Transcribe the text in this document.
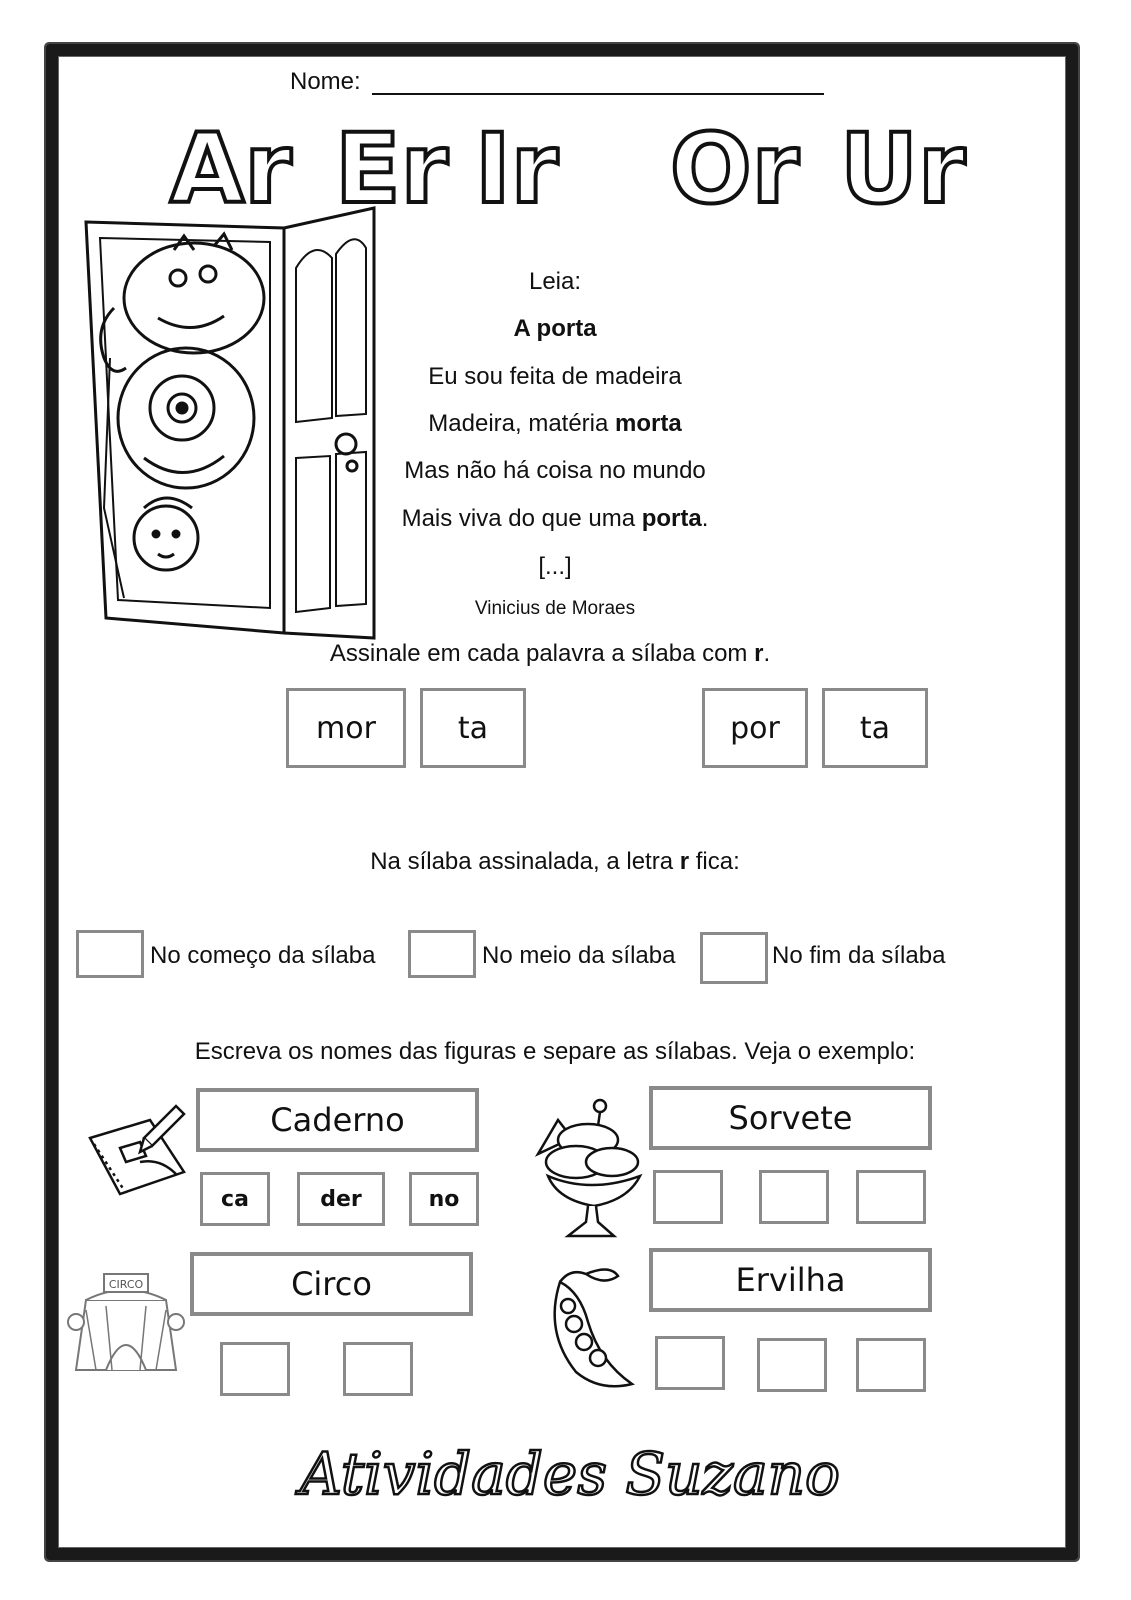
Nome:
Ar Er Ir Or Ur
Leia:
A porta
Eu sou feita de madeira
Madeira, matéria morta
Mas não há coisa no mundo
Mais viva do que uma porta.
[...]
Vinicius de Moraes
Assinale em cada palavra a sílaba com r.
mor	ta	por	ta
Na sílaba assinalada, a letra r fica:
No começo da sílaba	No meio da sílaba	No fim da sílaba
Escreva os nomes das figuras e separe as sílabas. Veja o exemplo:
Caderno
ca	der	no
Sorvete
CIRCO	Circo	Ervilha
Atividades Suzano
